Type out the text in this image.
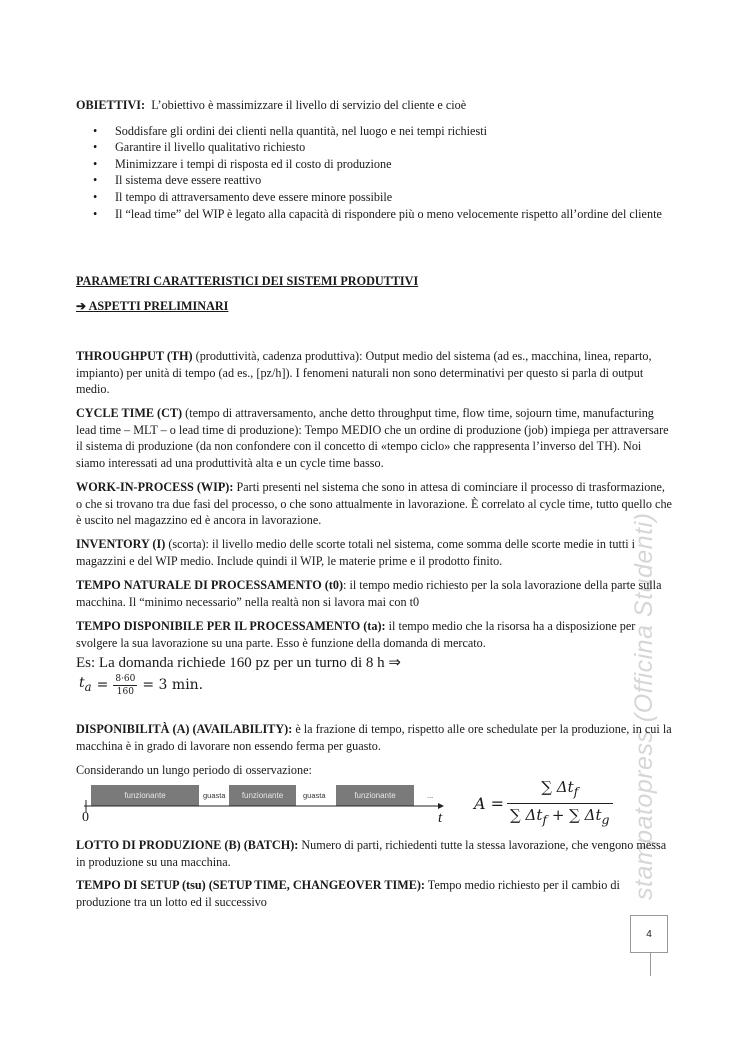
stampatopress (Officina Studenti)
OBIETTIVI: L’obiettivo è massimizzare il livello di servizio del cliente e cioè
• Soddisfare gli ordini dei clienti nella quantità, nel luogo e nei tempi richiesti
• Garantire il livello qualitativo richiesto
• Minimizzare i tempi di risposta ed il costo di produzione
• Il sistema deve essere reattivo
• Il tempo di attraversamento deve essere minore possibile
• Il “lead time” del WIP è legato alla capacità di rispondere più o meno velocemente rispetto all’ordine del cliente
PARAMETRI CARATTERISTICI DEI SISTEMI PRODUTTIVI
➔ ASPETTI PRELIMINARI
THROUGHPUT (TH) (produttività, cadenza produttiva): Output medio del sistema (ad es., macchina, linea, reparto, impianto) per unità di tempo (ad es., [pz/h]). I fenomeni naturali non sono determinativi per questo si parla di output medio.
CYCLE TIME (CT) (tempo di attraversamento, anche detto throughput time, flow time, sojourn time, manufacturing lead time – MLT – o lead time di produzione): Tempo MEDIO che un ordine di produzione (job) impiega per attraversare il sistema di produzione (da non confondere con il concetto di «tempo ciclo» che rappresenta l’inverso del TH). Noi siamo interessati ad una produttività alta e un cycle time basso.
WORK-IN-PROCESS (WIP): Parti presenti nel sistema che sono in attesa di cominciare il processo di trasformazione, o che si trovano tra due fasi del processo, o che sono attualmente in lavorazione. È correlato al cycle time, tutto quello che è uscito nel magazzino ed è ancora in lavorazione.
INVENTORY (I) (scorta): il livello medio delle scorte totali nel sistema, come somma delle scorte medie in tutti i magazzini e del WIP medio. Include quindi il WIP, le materie prime e il prodotto finito.
TEMPO NATURALE DI PROCESSAMENTO (t0): il tempo medio richiesto per la sola lavorazione della parte sulla macchina. Il “minimo necessario” nella realtà non si lavora mai con t0
TEMPO DISPONIBILE PER IL PROCESSAMENTO (ta): il tempo medio che la risorsa ha a disposizione per svolgere la sua lavorazione su una parte. Esso è funzione della domanda di mercato.
Es: La domanda richiede 160 pz per un turno di 8 h ⇒
$t_a = \frac{8\cdot 60}{160} = 3$ min.
DISPONIBILITÀ (A) (AVAILABILITY): è la frazione di tempo, rispetto alle ore schedulate per la produzione, in cui la macchina è in grado di lavorare non essendo ferma per guasto.
Considerando un lungo periodo di osservazione:
funzionante	guasta	funzionante	guasta	funzionante	...
0	t
A =
∑ $\Delta t_f$
∑ $\Delta t_f$ + ∑ $\Delta t_g$
LOTTO DI PRODUZIONE (B) (BATCH): Numero di parti, richiedenti tutte la stessa lavorazione, che vengono messa in produzione su una macchina.
TEMPO DI SETUP (tsu) (SETUP TIME, CHANGEOVER TIME): Tempo medio richiesto per il cambio di produzione tra un lotto ed il successivo
4
